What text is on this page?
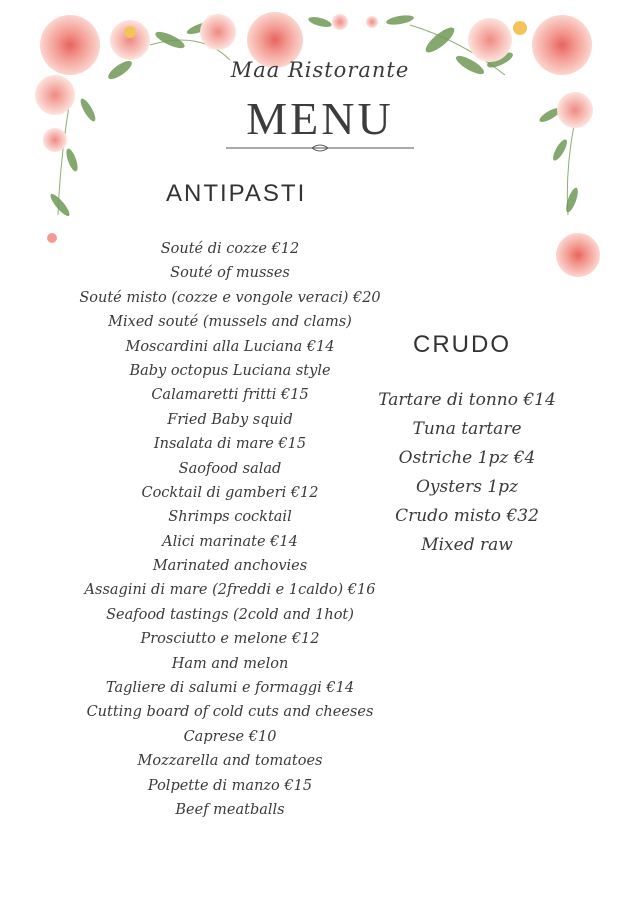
Maa Ristorante
MENU
ANTIPASTI
Souté di cozze €12
Souté of musses
Souté misto (cozze e vongole veraci) €20
Mixed souté (mussels and clams)
Moscardini alla Luciana €14
Baby octopus Luciana style
Calamaretti fritti €15
Fried Baby squid
Insalata di mare €15
Saofood salad
Cocktail di gamberi €12
Shrimps cocktail
Alici marinate €14
Marinated anchovies
Assagini di mare (2freddi e 1caldo) €16
Seafood tastings (2cold and 1hot)
Prosciutto e melone €12
Ham and melon
Tagliere di salumi e formaggi €14
Cutting board of cold cuts and cheeses
Caprese €10
Mozzarella and tomatoes
Polpette di manzo €15
Beef meatballs
CRUDO
Tartare di tonno €14
Tuna tartare
Ostriche 1pz €4
Oysters 1pz
Crudo misto €32
Mixed raw
